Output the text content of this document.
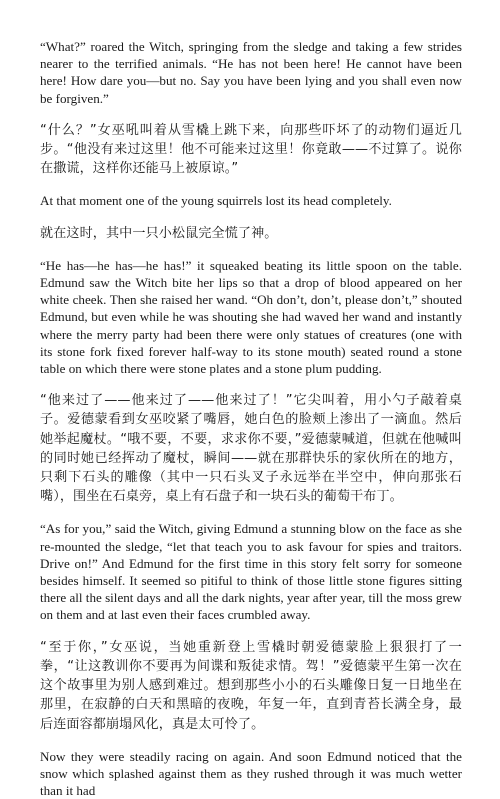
“What?” roared the Witch, springing from the sledge and taking a few strides nearer to the terrified animals. “He has not been here! He cannot have been here! How dare you—but no. Say you have been lying and you shall even now be forgiven.”

“什么？”女巫吼叫着从雪橇上跳下来，向那些吓坏了的动物们逼近几步。“他没有来过这里！他不可能来过这里！你竟敢——不过算了。说你在撒谎，这样你还能马上被原谅。”

At that moment one of the young squirrels lost its head completely.

就在这时，其中一只小松鼠完全慌了神。

“He has—he has—he has!” it squeaked beating its little spoon on the table. Edmund saw the Witch bite her lips so that a drop of blood appeared on her white cheek. Then she raised her wand. “Oh don’t, don’t, please don’t,” shouted Edmund, but even while he was shouting she had waved her wand and instantly where the merry party had been there were only statues of creatures (one with its stone fork fixed forever half-way to its stone mouth) seated round a stone table on which there were stone plates and a stone plum pudding.

“他来过了——他来过了——他来过了！”它尖叫着，用小勺子敲着桌子。爱德蒙看到女巫咬紧了嘴唇，她白色的脸颊上渗出了一滴血。然后她举起魔杖。“哦不要，不要，求求你不要，”爱德蒙喊道，但就在他喊叫的同时她已经挥动了魔杖，瞬间——就在那群快乐的家伙所在的地方，只剩下石头的雕像（其中一只石头叉子永远举在半空中，伸向那张石嘴），围坐在石桌旁，桌上有石盘子和一块石头的葡萄干布丁。

“As for you,” said the Witch, giving Edmund a stunning blow on the face as she re-mounted the sledge, “let that teach you to ask favour for spies and traitors. Drive on!” And Edmund for the first time in this story felt sorry for someone besides himself. It seemed so pitiful to think of those little stone figures sitting there all the silent days and all the dark nights, year after year, till the moss grew on them and at last even their faces crumbled away.

“至于你，”女巫说，当她重新登上雪橇时朝爱德蒙脸上狠狠打了一拳，“让这教训你不要再为间谍和叛徒求情。驾！”爱德蒙平生第一次在这个故事里为别人感到难过。想到那些小小的石头雕像日复一日地坐在那里，在寂静的白天和黑暗的夜晚，年复一年，直到青苔长满全身，最后连面容都崩塌风化，真是太可怜了。

Now they were steadily racing on again. And soon Edmund noticed that the snow which splashed against them as they rushed through it was much wetter than it had
